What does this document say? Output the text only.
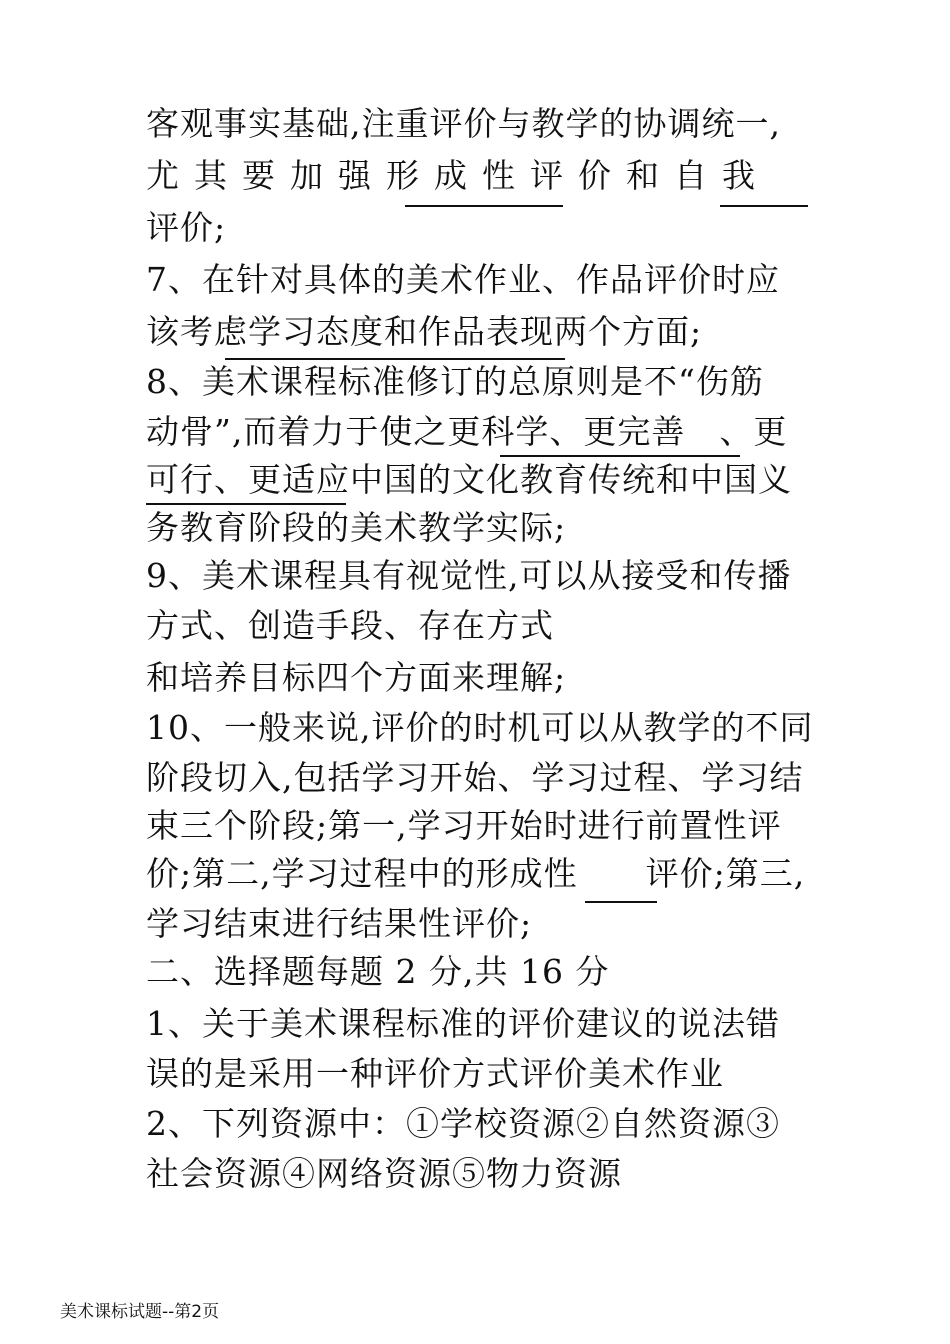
客观事实基础,注重评价与教学的协调统一,
尤其要加强形成性评价和自我
评价;
7、在针对具体的美术作业、作品评价时应
该考虑学习态度和作品表现两个方面;
8、美术课程标准修订的总原则是不“伤筋
动骨”,而着力于使之更科学、更完善　、更
可行、更适应中国的文化教育传统和中国义
务教育阶段的美术教学实际;
9、美术课程具有视觉性,可以从接受和传播
方式、创造手段、存在方式
和培养目标四个方面来理解;
10、一般来说,评价的时机可以从教学的不同
阶段切入,包括学习开始、学习过程、学习结
束三个阶段;第一,学习开始时进行前置性评
价;第二,学习过程中的形成性　　评价;第三,
学习结束进行结果性评价;
二、选择题每题 2 分,共 16 分
1、关于美术课程标准的评价建议的说法错
误的是采用一种评价方式评价美术作业
2、下列资源中：①学校资源②自然资源③
社会资源④网络资源⑤物力资源
美术课标试题--第2页
